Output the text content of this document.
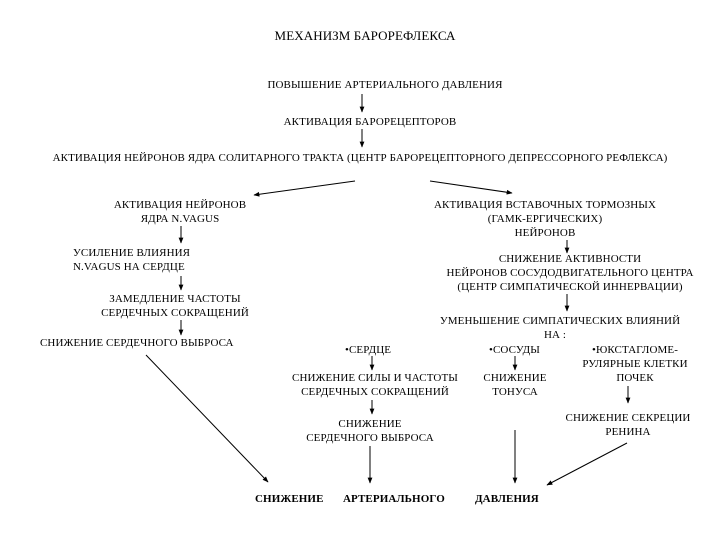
МЕХАНИЗМ БАРОРЕФЛЕКСА
ПОВЫШЕНИЕ АРТЕРИАЛЬНОГО ДАВЛЕНИЯ
АКТИВАЦИЯ БАРОРЕЦЕПТОРОВ
АКТИВАЦИЯ НЕЙРОНОВ ЯДРА СОЛИТАРНОГО ТРАКТА (ЦЕНТР БАРОРЕЦЕПТОРНОГО ДЕПРЕССОРНОГО РЕФЛЕКСА)
АКТИВАЦИЯ НЕЙРОНОВ
ЯДРА N.VAGUS
УСИЛЕНИЕ ВЛИЯНИЯ
N.VAGUS НА СЕРДЦЕ
ЗАМЕДЛЕНИЕ ЧАСТОТЫ
СЕРДЕЧНЫХ СОКРАЩЕНИЙ
СНИЖЕНИЕ СЕРДЕЧНОГО ВЫБРОСА
АКТИВАЦИЯ ВСТАВОЧНЫХ ТОРМОЗНЫХ
(ГАМК-ЕРГИЧЕСКИХ)
НЕЙРОНОВ
СНИЖЕНИЕ АКТИВНОСТИ
НЕЙРОНОВ СОСУДОДВИГАТЕЛЬНОГО ЦЕНТРА
(ЦЕНТР СИМПАТИЧЕСКОЙ ИННЕРВАЦИИ)
УМЕНЬШЕНИЕ СИМПАТИЧЕСКИХ ВЛИЯНИЙ
НА :
•СЕРДЦЕ	•СОСУДЫ	•ЮКСТАГЛОМЕ-
РУЛЯРНЫЕ КЛЕТКИ
ПОЧЕК
СНИЖЕНИЕ СИЛЫ И ЧАСТОТЫ
СЕРДЕЧНЫХ СОКРАЩЕНИЙ
СНИЖЕНИЕ
ТОНУСА
СНИЖЕНИЕ СЕКРЕЦИИ
РЕНИНА
СНИЖЕНИЕ
СЕРДЕЧНОГО ВЫБРОСА
СНИЖЕНИЕ АРТЕРИАЛЬНОГО	ДАВЛЕНИЯ
